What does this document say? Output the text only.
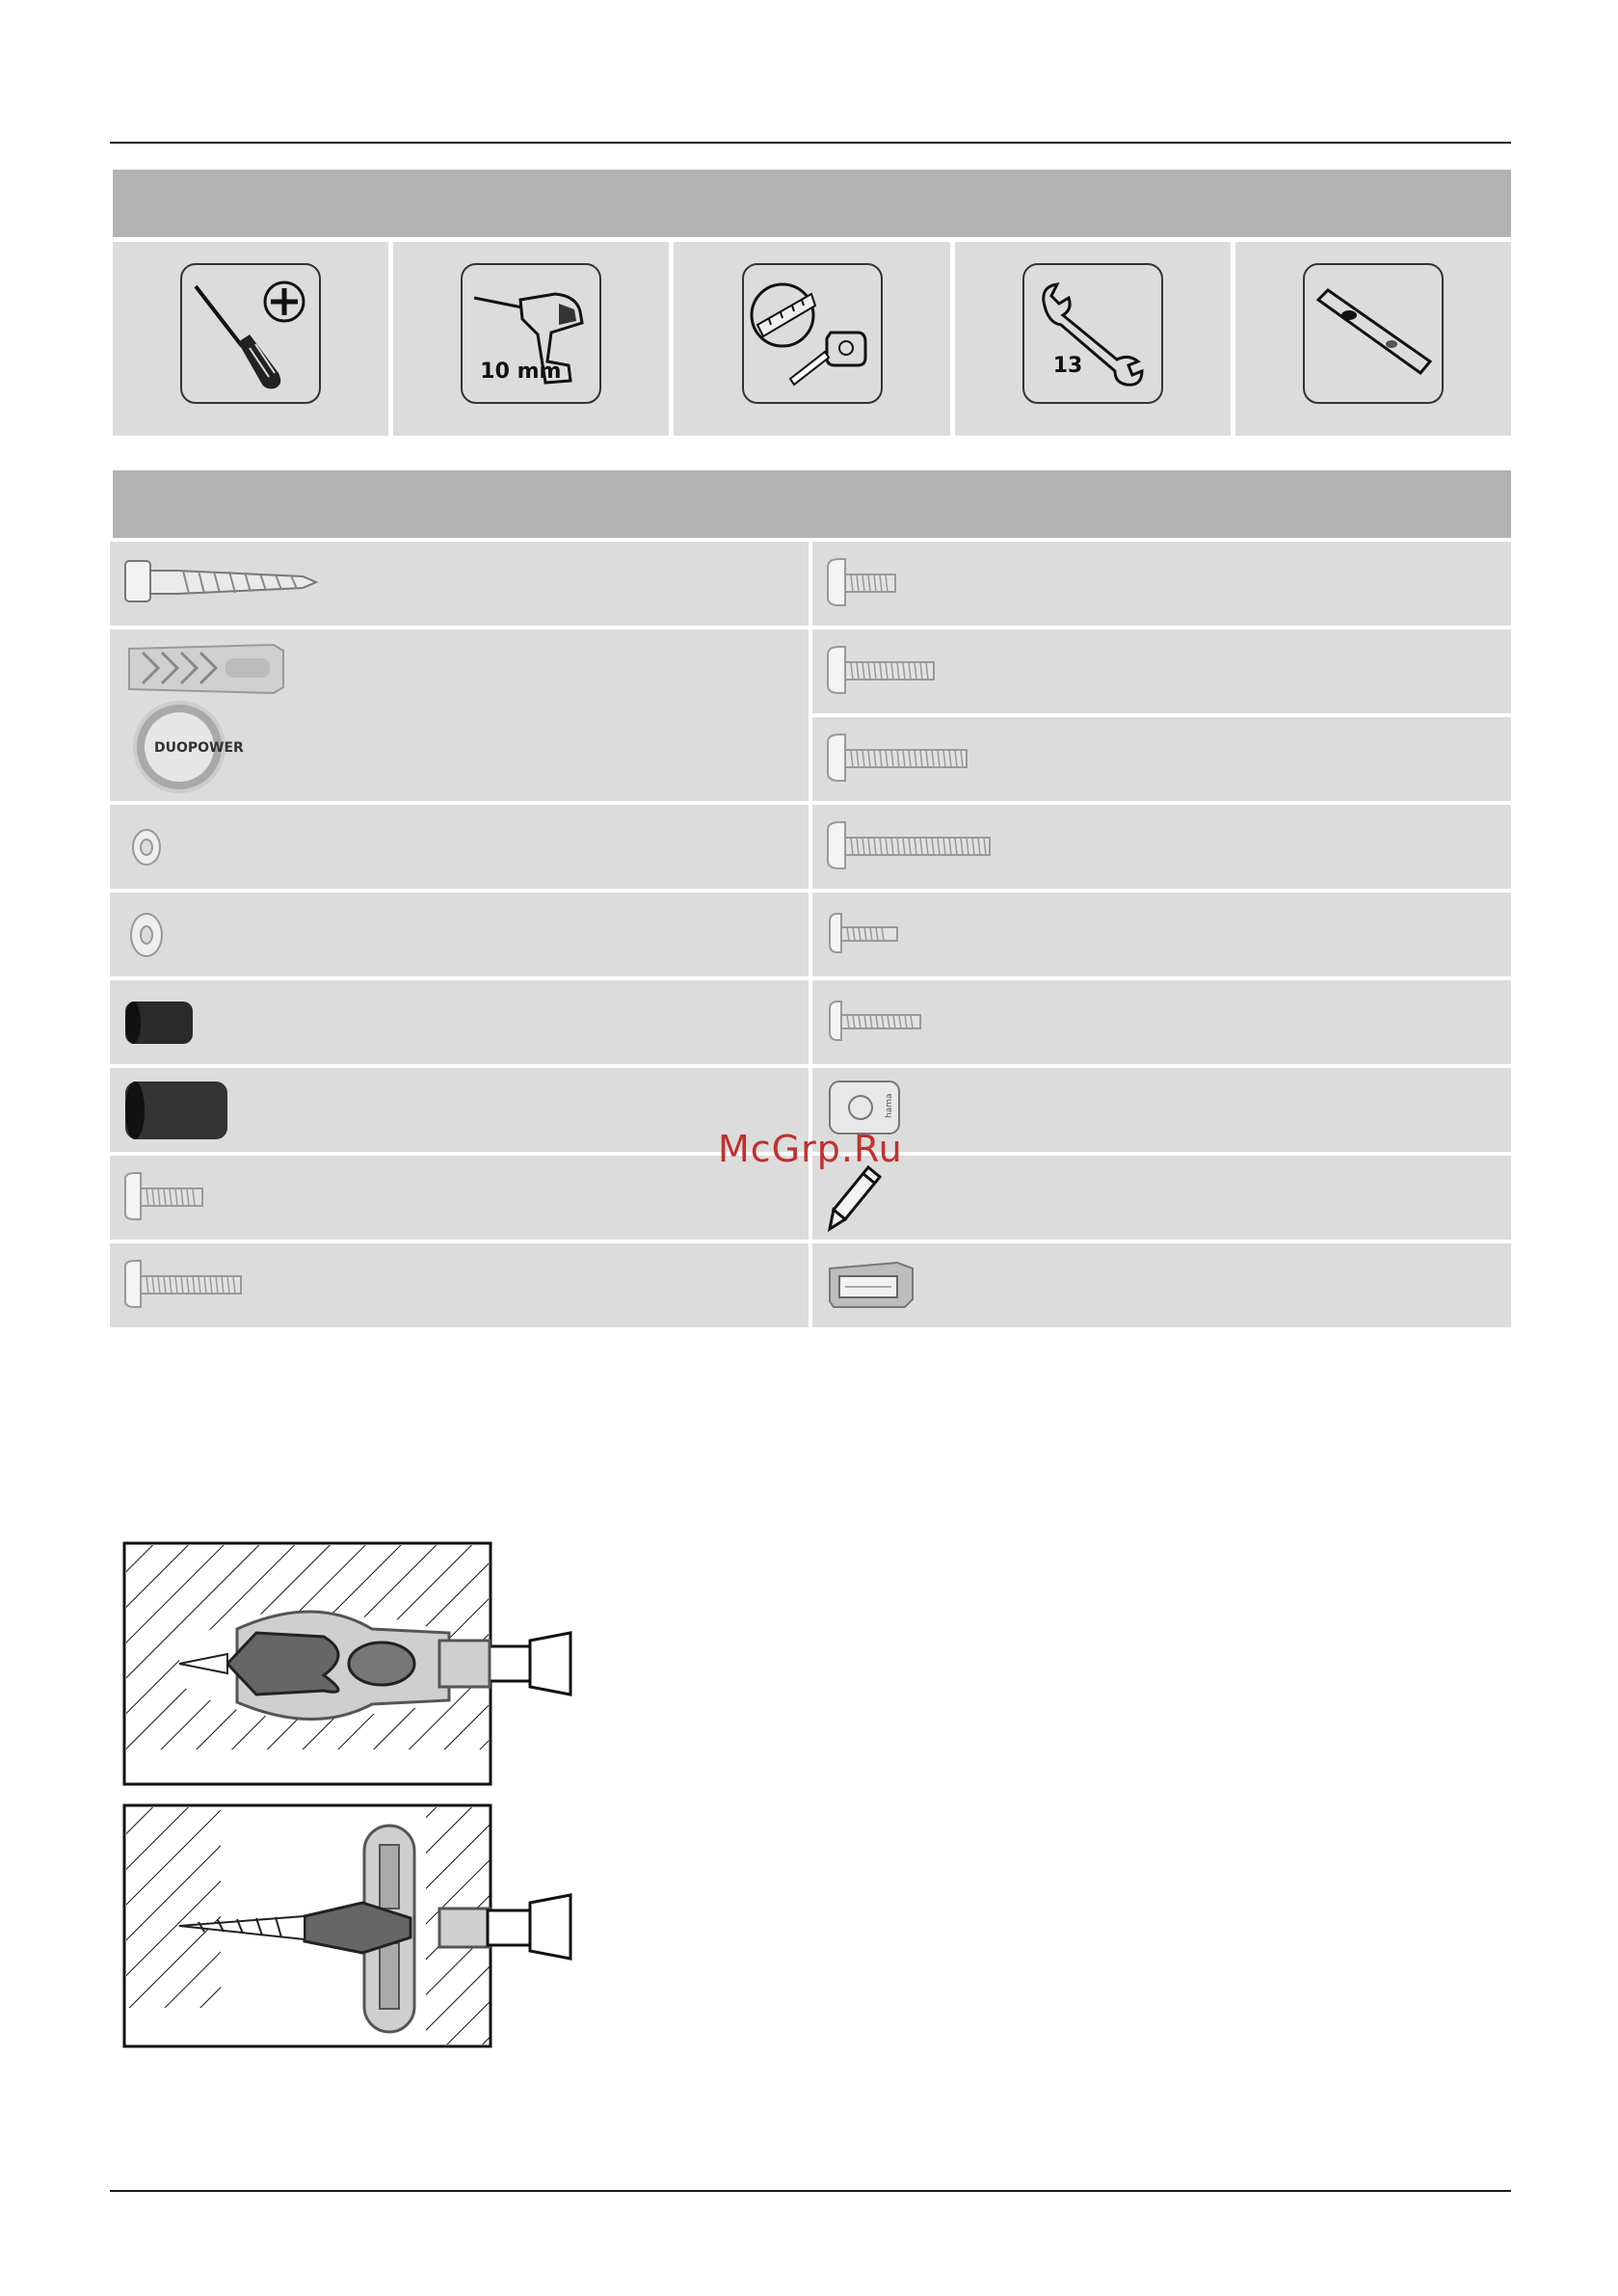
10 mm	13
DUOPOWER
hama
McGrp.Ru
